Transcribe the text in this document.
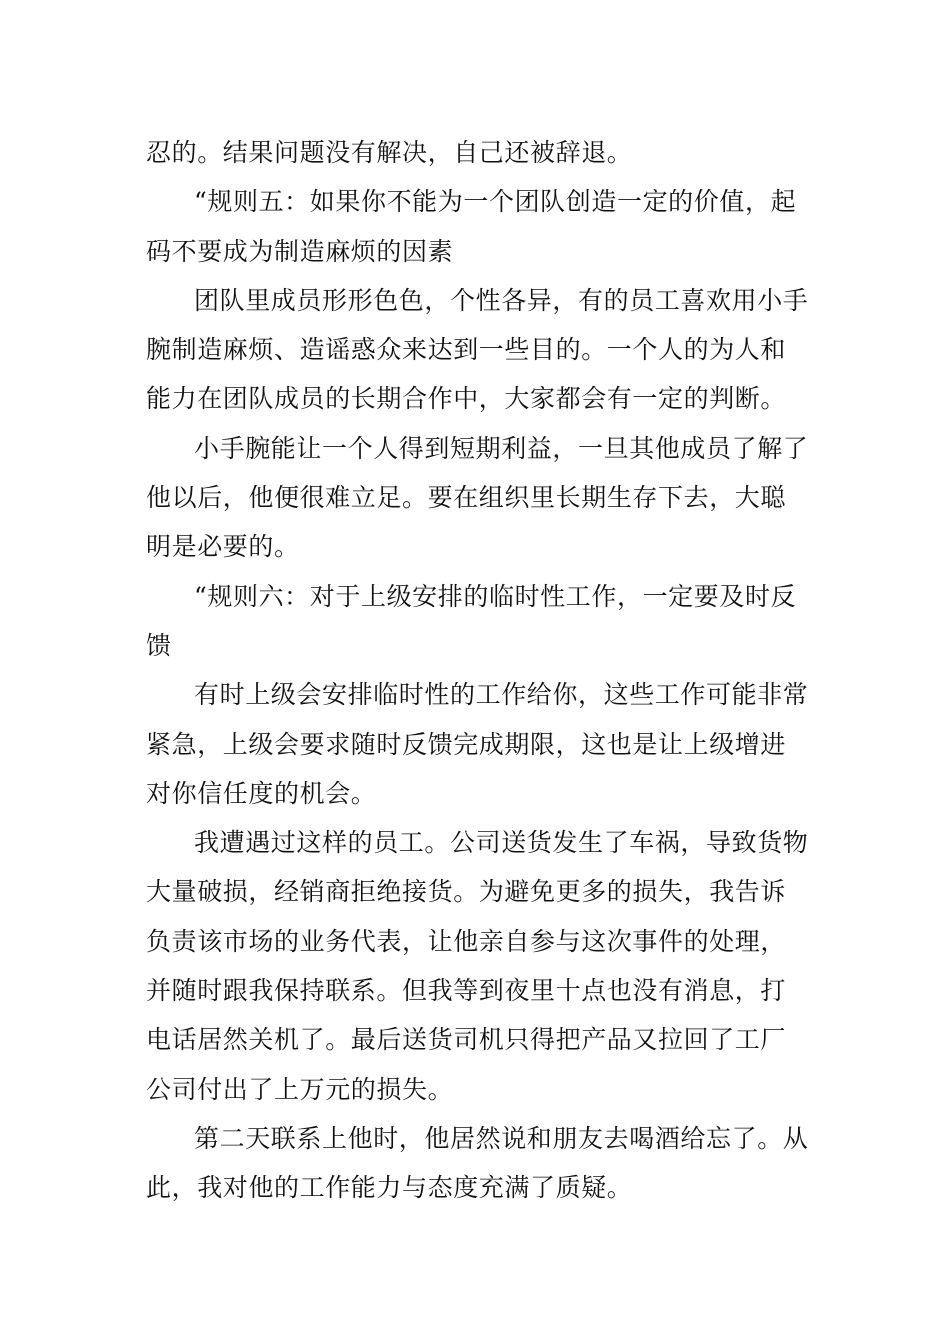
忍的。结果问题没有解决，自己还被辞退。
“规则五：如果你不能为一个团队创造一定的价值，起
码不要成为制造麻烦的因素
团队里成员形形色色，个性各异，有的员工喜欢用小手
腕制造麻烦、造谣惑众来达到一些目的。一个人的为人和
能力在团队成员的长期合作中，大家都会有一定的判断。
小手腕能让一个人得到短期利益，一旦其他成员了解了
他以后，他便很难立足。要在组织里长期生存下去，大聪
明是必要的。
“规则六：对于上级安排的临时性工作，一定要及时反
馈
有时上级会安排临时性的工作给你，这些工作可能非常
紧急，上级会要求随时反馈完成期限，这也是让上级增进
对你信任度的机会。
我遭遇过这样的员工。公司送货发生了车祸，导致货物
大量破损，经销商拒绝接货。为避免更多的损失，我告诉
负责该市场的业务代表，让他亲自参与这次事件的处理，
并随时跟我保持联系。但我等到夜里十点也没有消息，打
电话居然关机了。最后送货司机只得把产品又拉回了工厂
公司付出了上万元的损失。
第二天联系上他时，他居然说和朋友去喝酒给忘了。从
此，我对他的工作能力与态度充满了质疑。
